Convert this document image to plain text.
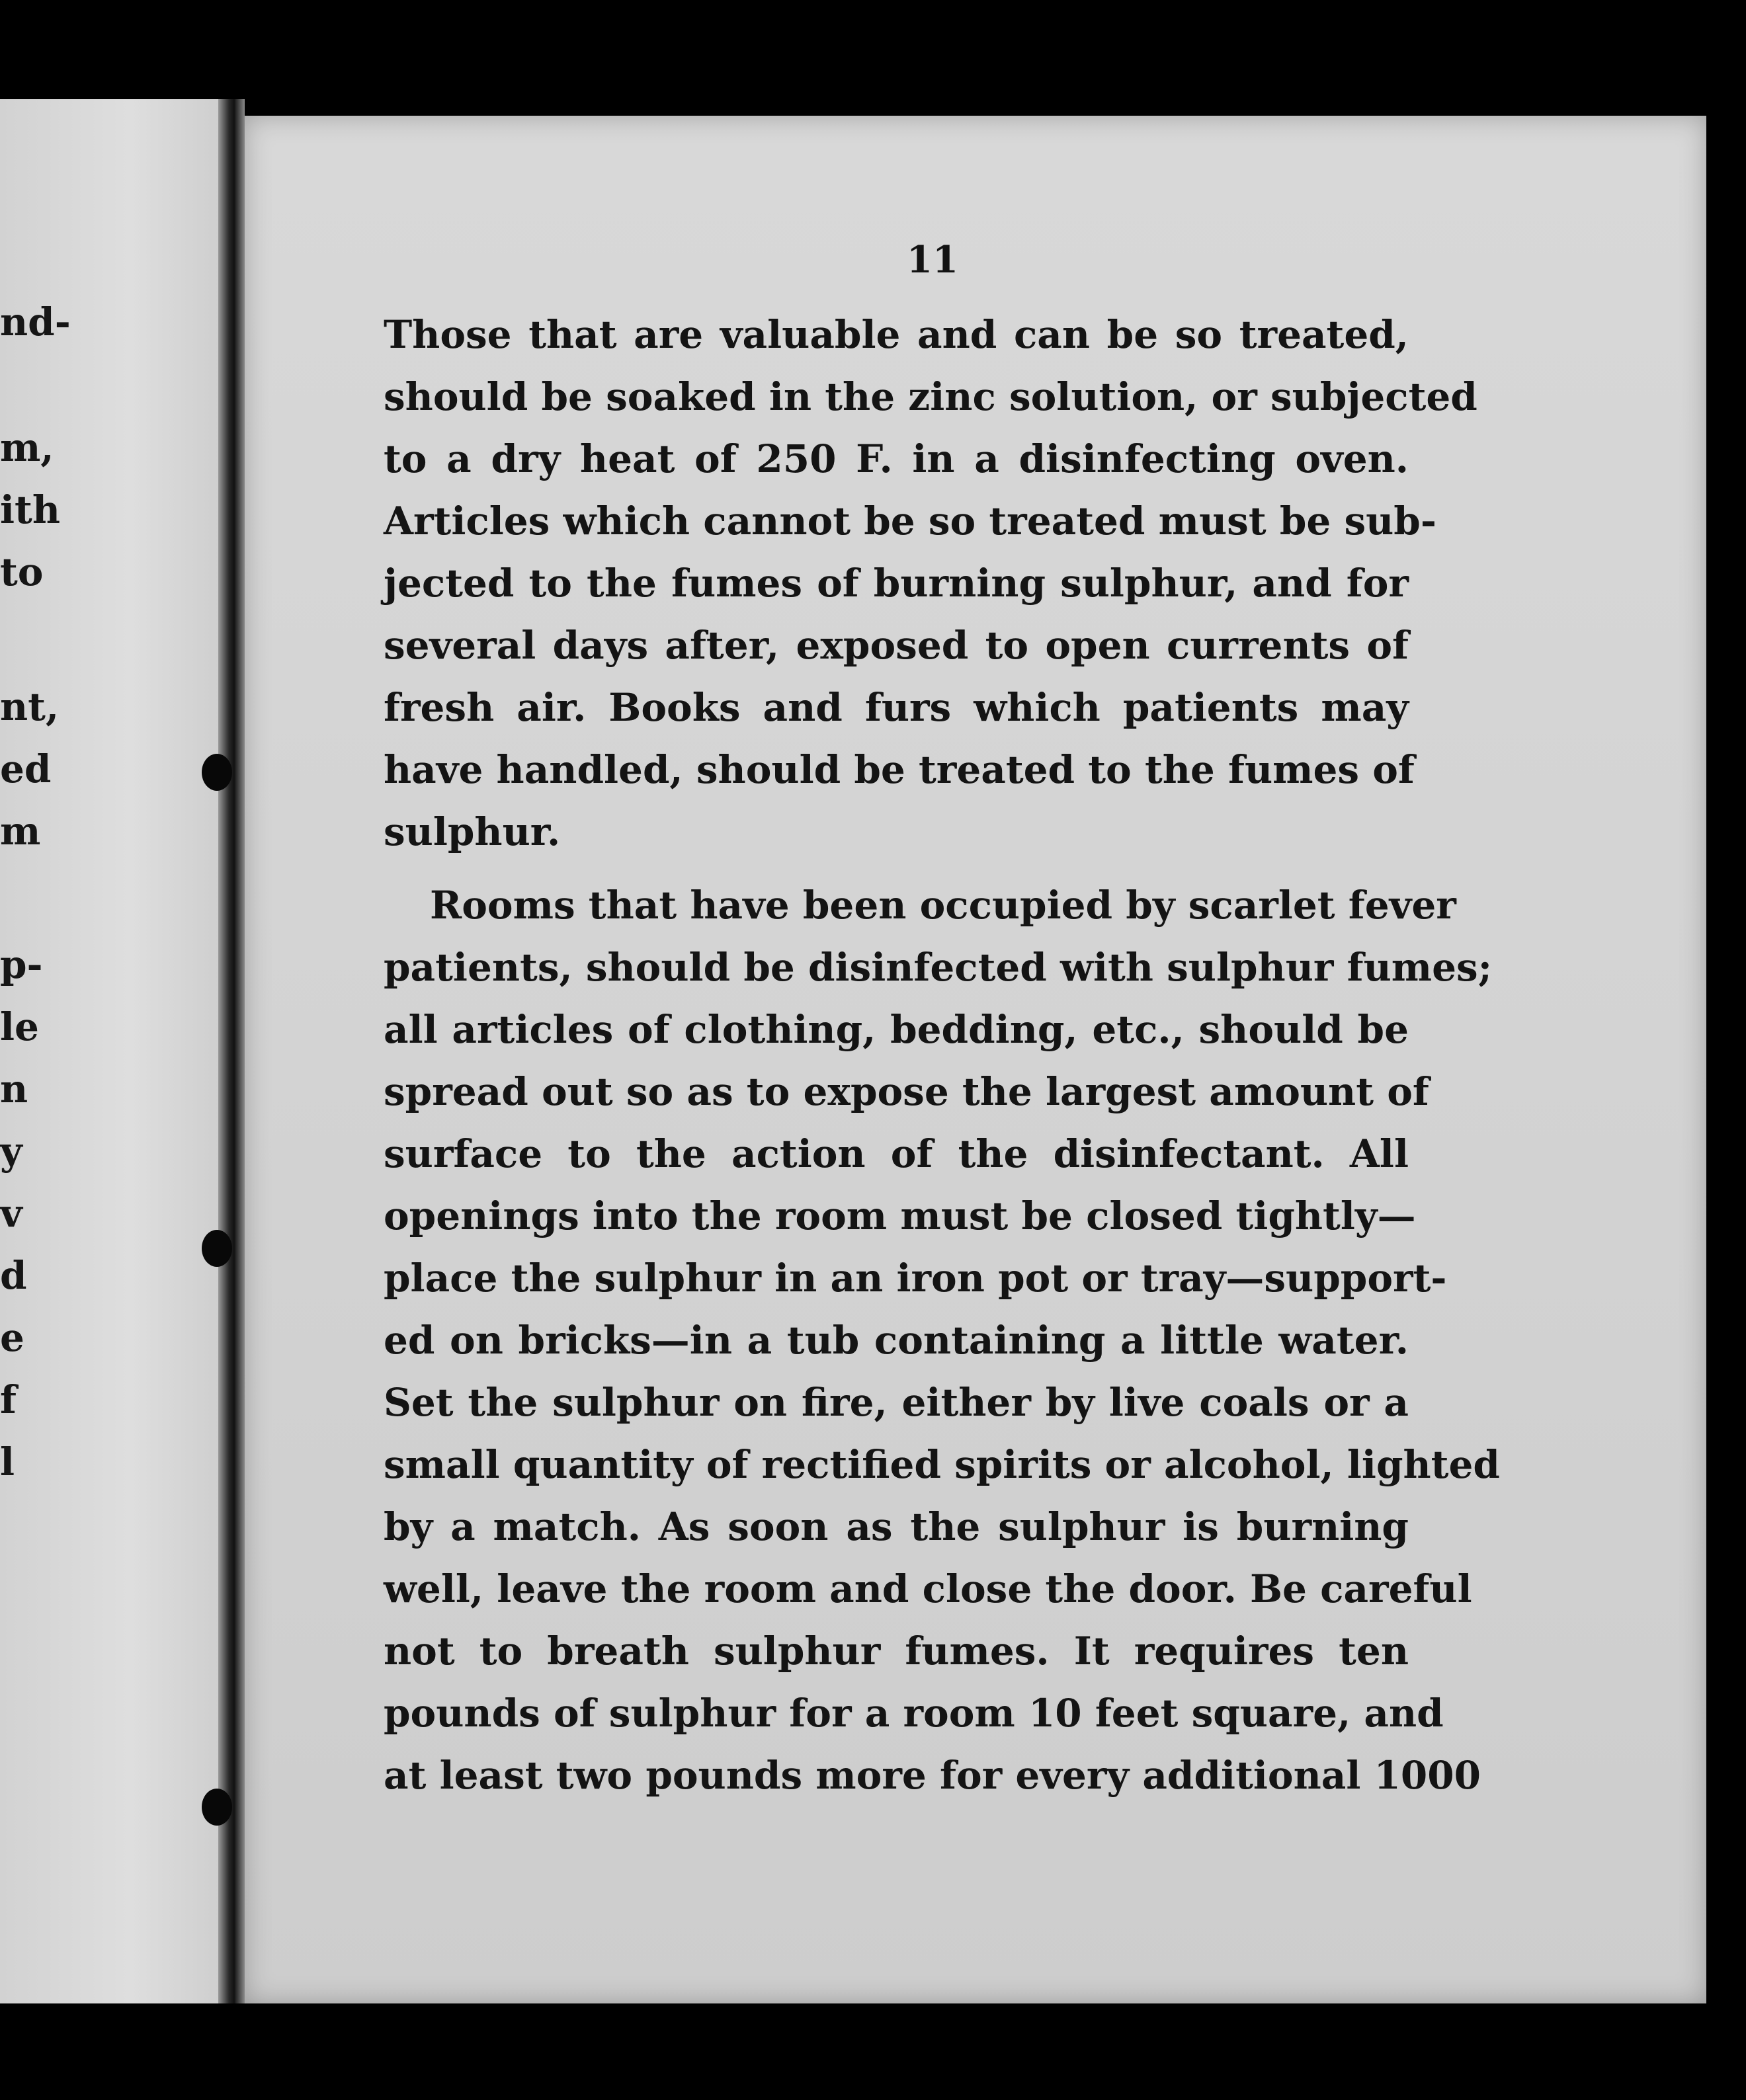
nd-
m,
ith
to
nt,
ed
m
p-
le
n
y
v
d
e
f
l
11
Those that are valuable and can be so treated,
should be soaked in the zinc solution, or subjected
to a dry heat of 250 F. in a disinfecting oven.
Articles which cannot be so treated must be sub-
jected to the fumes of burning sulphur, and for
several days after, exposed to open currents of
fresh air. Books and furs which patients may
have handled, should be treated to the fumes of
sulphur.
Rooms that have been occupied by scarlet fever
patients, should be disinfected with sulphur fumes;
all articles of clothing, bedding, etc., should be
spread out so as to expose the largest amount of
surface to the action of the disinfectant. All
openings into the room must be closed tightly—
place the sulphur in an iron pot or tray—support-
ed on bricks—in a tub containing a little water.
Set the sulphur on fire, either by live coals or a
small quantity of rectified spirits or alcohol, lighted
by a match. As soon as the sulphur is burning
well, leave the room and close the door. Be careful
not to breath sulphur fumes. It requires ten
pounds of sulphur for a room 10 feet square, and
at least two pounds more for every additional 1000
